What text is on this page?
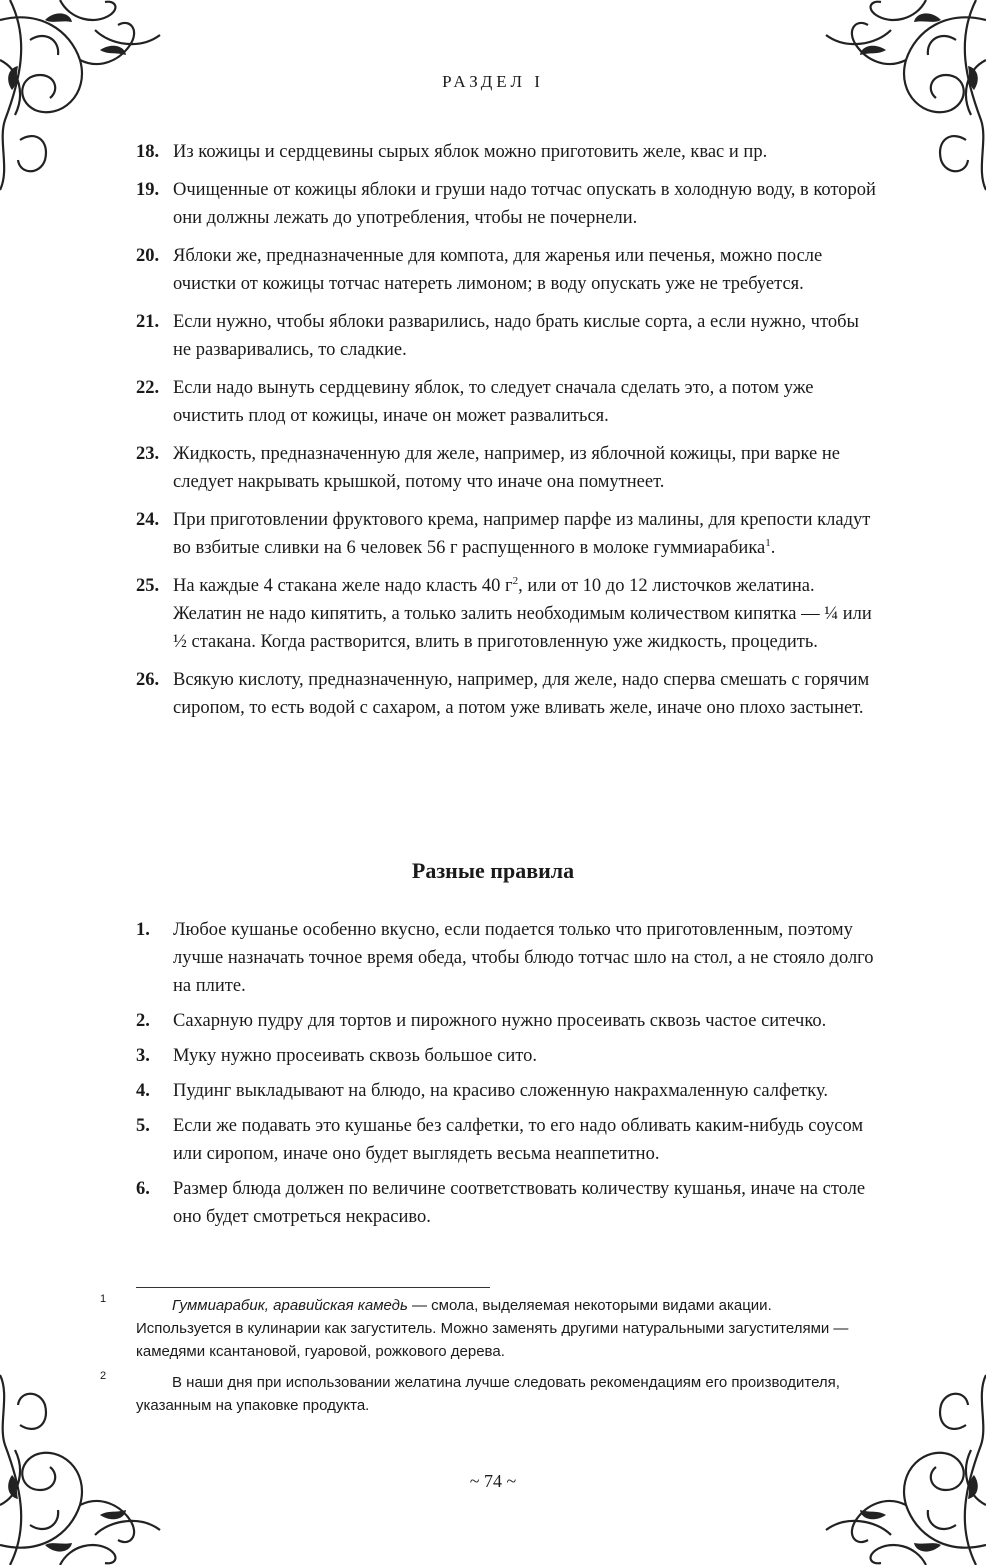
РАЗДЕЛ I
18. Из кожицы и сердцевины сырых яблок можно приготовить желе, квас и пр.
19. Очищенные от кожицы яблоки и груши надо тотчас опускать в холодную воду, в которой они должны лежать до употребления, чтобы не почернели.
20. Яблоки же, предназначенные для компота, для жаренья или печенья, можно после очистки от кожицы тотчас натереть лимоном; в воду опускать уже не требуется.
21. Если нужно, чтобы яблоки разварились, надо брать кислые сорта, а если нужно, чтобы не разваривались, то сладкие.
22. Если надо вынуть сердцевину яблок, то следует сначала сделать это, а потом уже очистить плод от кожицы, иначе он может развалиться.
23. Жидкость, предназначенную для желе, например, из яблочной кожицы, при варке не следует накрывать крышкой, потому что иначе она помутнеет.
24. При приготовлении фруктового крема, например парфе из малины, для крепости кладут во взбитые сливки на 6 человек 56 г распущенного в молоке гуммиарабика$^1$.
25. На каждые 4 стакана желе надо класть 40 $г^2$, или от 10 до 12 листочков желатина. Желатин не надо кипятить, а только залить необходимым количеством кипятка — ¼ или ½ стакана. Когда растворится, влить в приготовленную уже жидкость, процедить.
26. Всякую кислоту, предназначенную, например, для желе, надо сперва смешать с горячим сиропом, то есть водой с сахаром, а потом уже вливать желе, иначе оно плохо застынет.
Разные правила
1.	Любое кушанье особенно вкусно, если подается только что приготовленным, поэтому лучше назначать точное время обеда, чтобы блюдо тотчас шло на стол, а не стояло долго на плите.
2.	Сахарную пудру для тортов и пирожного нужно просеивать сквозь частое ситечко.
3.	Муку нужно просеивать сквозь большое сито.
4.	Пудинг выкладывают на блюдо, на красиво сложенную накрахмаленную салфетку.
5.	Если же подавать это кушанье без салфетки, то его надо обливать каким-нибудь соусом или сиропом, иначе оно будет выглядеть весьма неаппетитно.
6.	Размер блюда должен по величине соответствовать количеству кушанья, иначе на столе оно будет смотреться некрасиво.

1	Гуммиарабик, аравийская камедь — смола, выделяемая некоторыми видами акации. Используется в кулинарии как загуститель. Можно заменять другими натуральными загустителями — камедями ксантановой, гуаровой, рожкового дерева.

2	В наши дня при использовании желатина лучше следовать рекомендациям его производителя, указанным на упаковке продукта.

~ 74 ~
